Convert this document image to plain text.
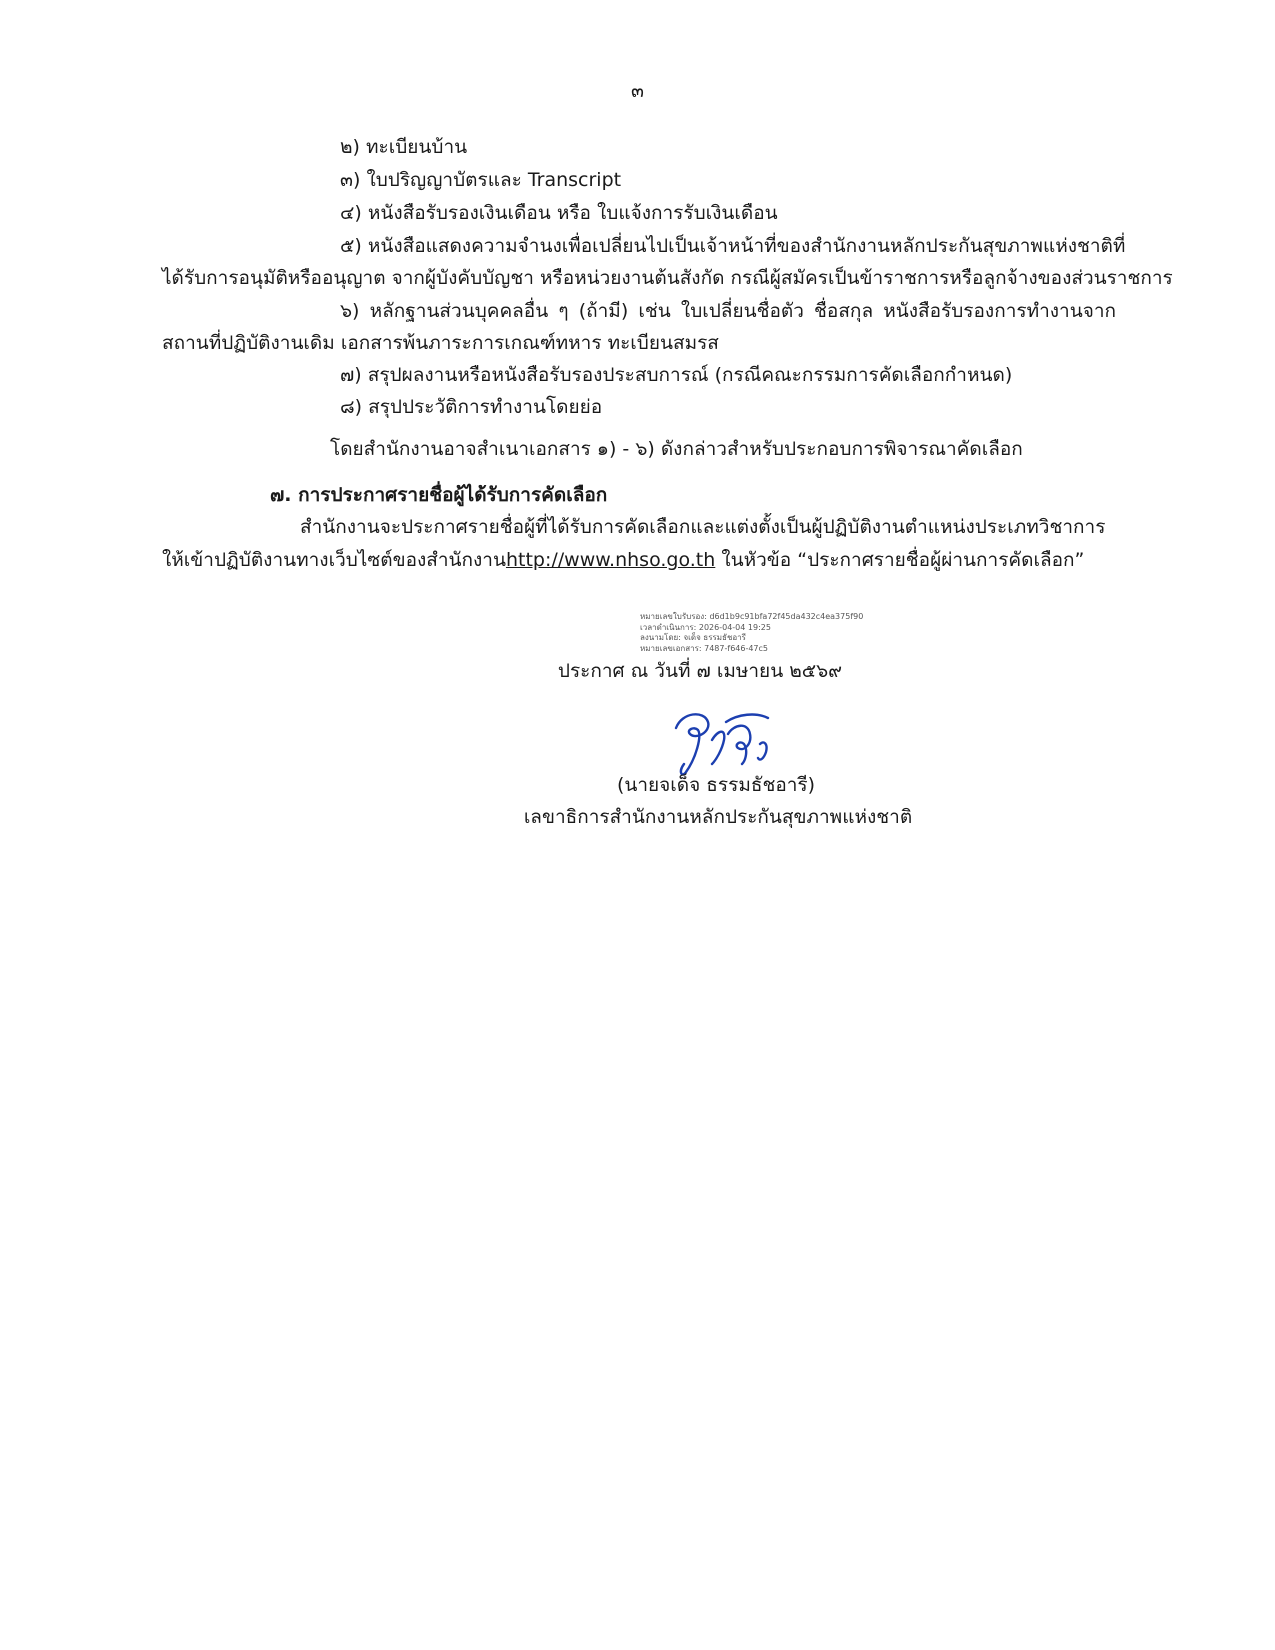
๓
๒) ทะเบียนบ้าน
๓) ใบปริญญาบัตรและ Transcript
๔) หนังสือรับรองเงินเดือน หรือ ใบแจ้งการรับเงินเดือน
๕) หนังสือแสดงความจำนงเพื่อเปลี่ยนไปเป็นเจ้าหน้าที่ของสำนักงานหลักประกันสุขภาพแห่งชาติที่
ได้รับการอนุมัติหรืออนุญาต จากผู้บังคับบัญชา หรือหน่วยงานต้นสังกัด กรณีผู้สมัครเป็นข้าราชการหรือลูกจ้างของส่วนราชการ
๖) หลักฐานส่วนบุคคลอื่น ๆ (ถ้ามี) เช่น ใบเปลี่ยนชื่อตัว ชื่อสกุล หนังสือรับรองการทำงานจาก
สถานที่ปฏิบัติงานเดิม เอกสารพ้นภาระการเกณฑ์ทหาร ทะเบียนสมรส
๗) สรุปผลงานหรือหนังสือรับรองประสบการณ์ (กรณีคณะกรรมการคัดเลือกกำหนด)
๘) สรุปประวัติการทำงานโดยย่อ
โดยสำนักงานอาจสำเนาเอกสาร ๑) - ๖) ดังกล่าวสำหรับประกอบการพิจารณาคัดเลือก
๗. การประกาศรายชื่อผู้ได้รับการคัดเลือก
สำนักงานจะประกาศรายชื่อผู้ที่ได้รับการคัดเลือกและแต่งตั้งเป็นผู้ปฏิบัติงานตำแหน่งประเภทวิชาการ
ให้เข้าปฏิบัติงานทางเว็บไซต์ของสำนักงานhttp://www.nhso.go.th ในหัวข้อ “ประกาศรายชื่อผู้ผ่านการคัดเลือก”
หมายเลขใบรับรอง: d6d1b9c91bfa72f45da432c4ea375f90
เวลาดำเนินการ: 2026-04-04 19:25
ลงนามโดย: จเด็จ ธรรมธัชอารี
หมายเลขเอกสาร: 7487-f646-47c5
ประกาศ ณ วันที่ ๗ เมษายน ๒๕๖๙
(นายจเด็จ ธรรมธัชอารี)
เลขาธิการสำนักงานหลักประกันสุขภาพแห่งชาติ
